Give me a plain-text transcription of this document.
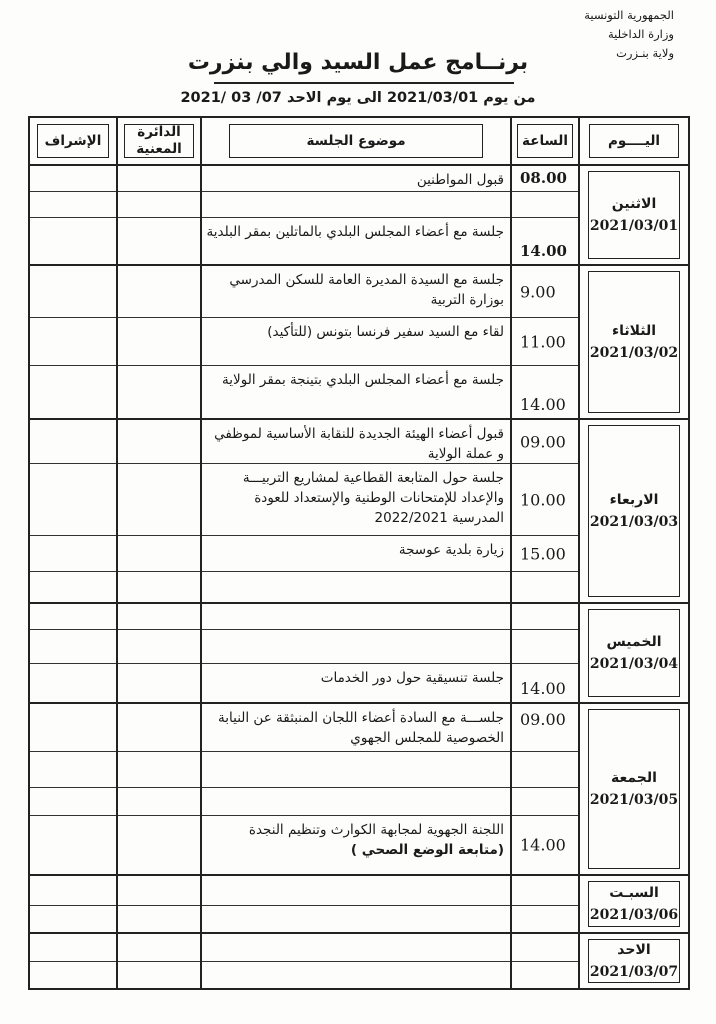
الجمهورية التونسية
وزارة الداخلية
ولاية بنـزرت
برنــامج عمل السيد والي بنزرت
من يوم 2021/03/01 الى يوم الاحد 07/ 03 /2021
اليــــوم
الساعة
موضوع الجلسة
الدائرة المعنية
الإشراف
الاثنين
2021/03/01
08.00
14.00
قبول المواطنين
جلسة مع أعضاء المجلس البلدي بالماتلين بمقر البلدية
الثلاثاء
2021/03/02
9.00
11.00
14.00
جلسة مع السيدة المديرة العامة للسكن المدرسي بوزارة التربية
لقاء مع السيد سفير فرنسا بتونس (للتأكيد)
جلسة مع أعضاء المجلس البلدي بتينجة بمقر الولاية
الاربعاء
2021/03/03
09.00
10.00
15.00
قبول أعضاء الهيئة الجديدة للنقابة الأساسية لموظفي و عملة الولاية
جلسة حول المتابعة القطاعية لمشاريع التربيـــة والإعداد للإمتحانات الوطنية والإستعداد للعودة المدرسية 2022/2021
زيارة بلدية عوسجة
الخميس
2021/03/04
14.00
جلسة تنسيقية حول دور الخدمات
الجمعة
2021/03/05
09.00
14.00
جلســـة مع السادة أعضاء اللجان المنبثقة عن النيابة الخصوصية للمجلس الجهوي
اللجنة الجهوية لمجابهة الكوارث وتنظيم النجدة
(متابعة الوضع الصحي )
السبـت
2021/03/06
الاحد
2021/03/07
